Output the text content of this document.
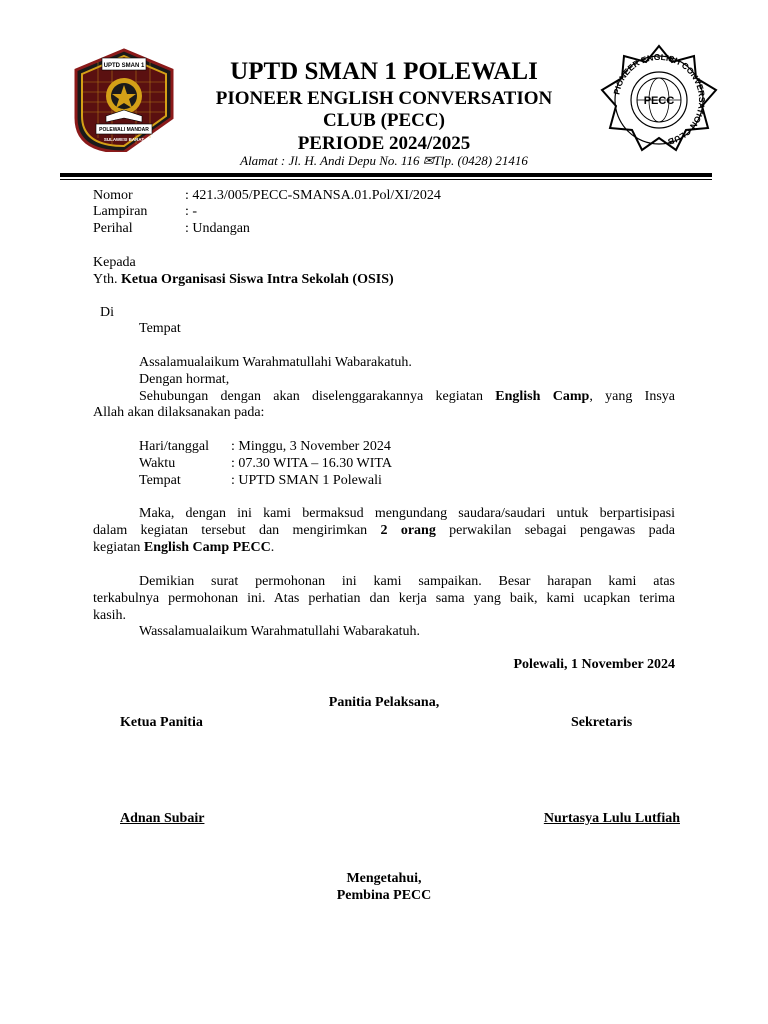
UPTD SMAN 1
POLEWALI MANDAR
SULAWESI BARAT
UPTD SMAN 1 POLEWALI
PIONEER ENGLISH CONVERSATION
CLUB (PECC)
PERIODE 2024/2025
Alamat : Jl. H. Andi Depu No. 116 ✉Tlp. (0428) 21416
PIONEER ENGLISH CONVERSATION CLUB
PECC
Nomor	: 421.3/005/PECC-SMANSA.01.Pol/XI/2024
Lampiran	: -
Perihal	: Undangan
Kepada
Yth. Ketua Organisasi Siswa Intra Sekolah (OSIS)
Di
Tempat
Assalamualaikum Warahmatullahi Wabarakatuh.
Dengan hormat,
Sehubungan dengan akan diselenggarakannya kegiatan English Camp, yang Insya
Allah akan dilaksanakan pada:
Hari/tanggal : Minggu, 3 November 2024
Waktu	: 07.30 WITA – 16.30 WITA
Tempat	: UPTD SMAN 1 Polewali
Maka, dengan ini kami bermaksud mengundang saudara/saudari untuk berpartisipasi
dalam kegiatan tersebut dan mengirimkan 2 orang perwakilan sebagai pengawas pada
kegiatan English Camp PECC.
Demikian surat permohonan ini kami sampaikan. Besar harapan kami atas
terkabulnya permohonan ini. Atas perhatian dan kerja sama yang baik, kami ucapkan terima
kasih.
Wassalamualaikum Warahmatullahi Wabarakatuh.
Polewali, 1 November 2024
Panitia Pelaksana,
Ketua Panitia	Sekretaris
Adnan Subair	Nurtasya Lulu Lutfiah
Mengetahui,
Pembina PECC
